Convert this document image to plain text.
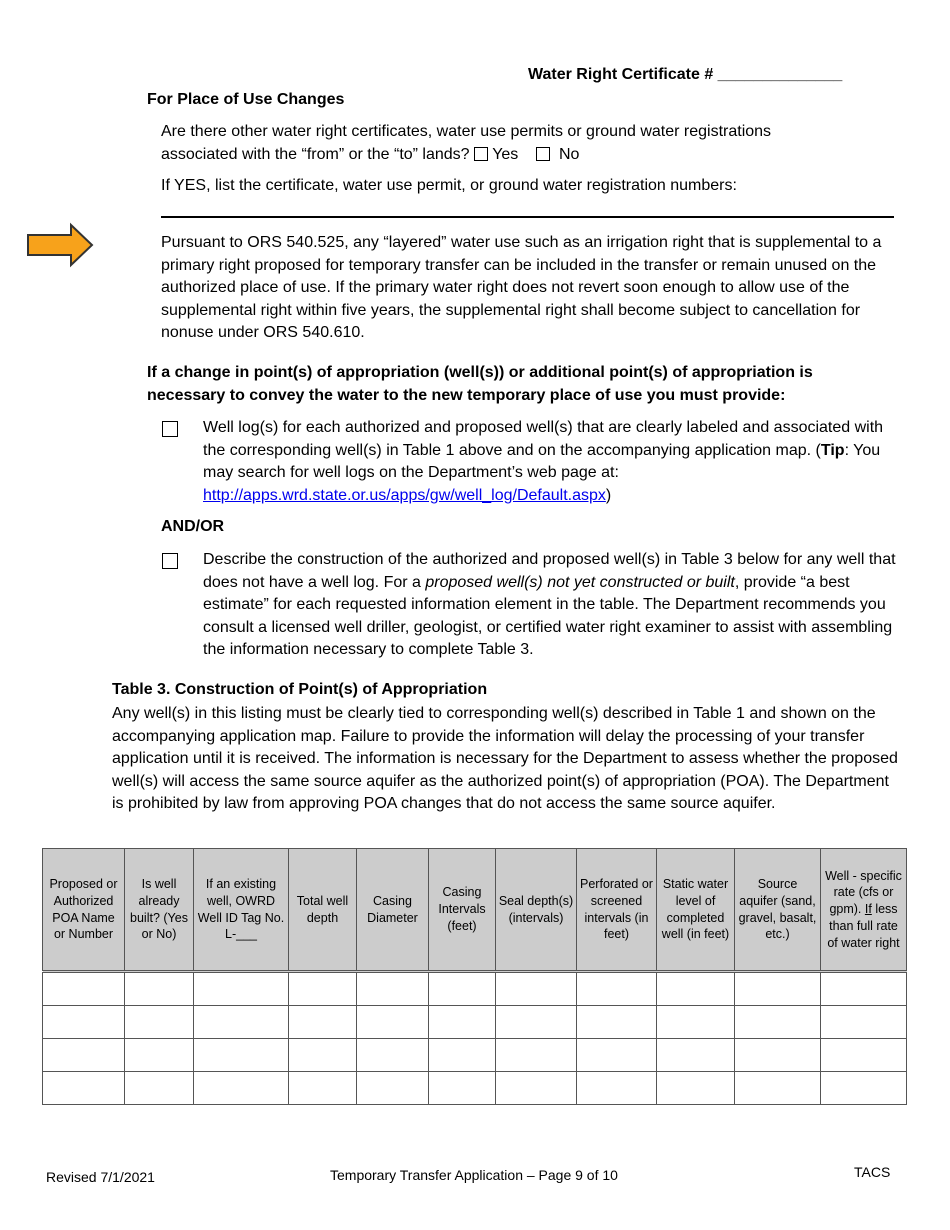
Water Right Certificate # ______________
For Place of Use Changes
Are there other water right certificates, water use permits or ground water registrations
associated with the “from” or the “to” lands? Yes	No
If YES, list the certificate, water use permit, or ground water registration numbers:
Pursuant to ORS 540.525, any “layered” water use such as an irrigation right that is supplemental to a primary right proposed for temporary transfer can be included in the transfer or remain unused on the authorized place of use. If the primary water right does not revert soon enough to allow use of the supplemental right within five years, the supplemental right shall become subject to cancellation for nonuse under ORS 540.610.
If a change in point(s) of appropriation (well(s)) or additional point(s) of appropriation is necessary to convey the water to the new temporary place of use you must provide:
Well log(s) for each authorized and proposed well(s) that are clearly labeled and associated with the corresponding well(s) in Table 1 above and on the accompanying application map. (Tip: You may search for well logs on the Department’s web page at: http://apps.wrd.state.or.us/apps/gw/well_log/Default.aspx)
AND/OR
Describe the construction of the authorized and proposed well(s) in Table 3 below for any well that does not have a well log. For a proposed well(s) not yet constructed or built, provide “a best estimate” for each requested information element in the table. The Department recommends you consult a licensed well driller, geologist, or certified water right examiner to assist with assembling the information necessary to complete Table 3.
Table 3. Construction of Point(s) of Appropriation
Any well(s) in this listing must be clearly tied to corresponding well(s) described in Table 1 and shown on the accompanying application map. Failure to provide the information will delay the processing of your transfer application until it is received. The information is necessary for the Department to assess whether the proposed well(s) will access the same source aquifer as the authorized point(s) of appropriation (POA). The Department is prohibited by law from approving POA changes that do not access the same source aquifer.
Proposed or Authorized POA Name or Number	Is well already built? (Yes or No)	If an existing well, OWRD Well ID Tag No. L-___	Total well depth	Casing Diameter	Casing Intervals (feet)	Seal depth(s) (intervals)	Perforated or screened intervals (in feet)	Static water level of completed well (in feet)	Source aquifer (sand, gravel, basalt, etc.)	Well - specific rate (cfs or gpm). If less than full rate of water right

Revised 7/1/2021	Temporary Transfer Application – Page 9 of 10	TACS
